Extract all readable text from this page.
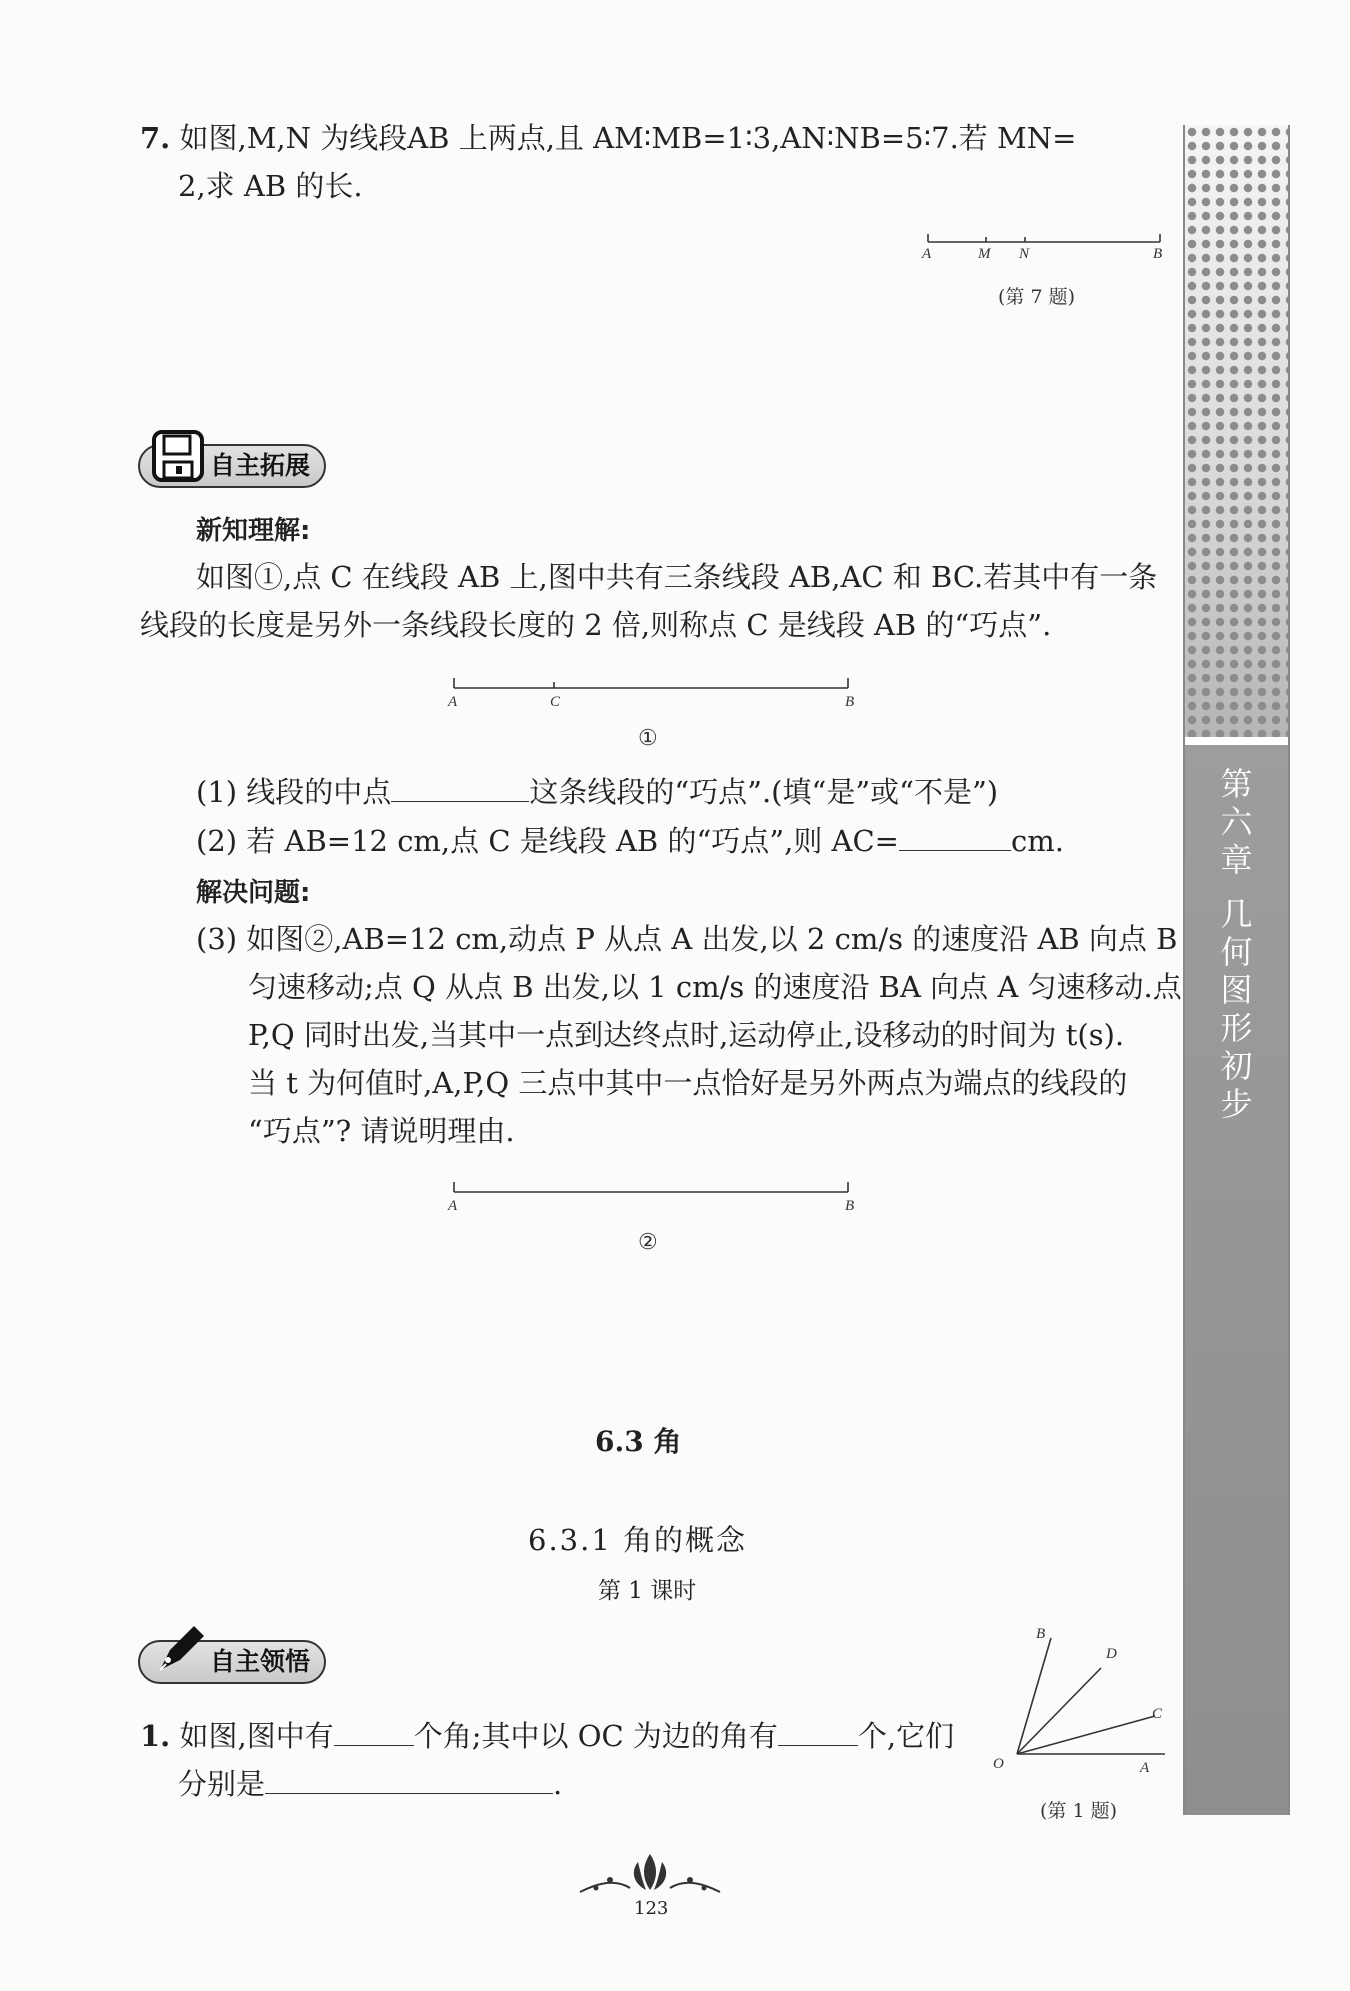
7. 如图,M,N 为线段AB 上两点,且 AM∶MB=1∶3,AN∶NB=5∶7.若 MN=
2,求 AB 的长.
A	M N	B
(第 7 题)
自主拓展
新知理解:
如图①,点 C 在线段 AB 上,图中共有三条线段 AB,AC 和 BC.若其中有一条
线段的长度是另外一条线段长度的 2 倍,则称点 C 是线段 AB 的“巧点”.
A	C	B
①
(1) 线段的中点	这条线段的“巧点”.(填“是”或“不是”)
(2) 若 AB=12 cm,点 C 是线段 AB 的“巧点”,则 AC=	cm.
解决问题:
(3) 如图②,AB=12 cm,动点 P 从点 A 出发,以 2 cm/s 的速度沿 AB 向点 B
匀速移动;点 Q 从点 B 出发,以 1 cm/s 的速度沿 BA 向点 A 匀速移动.点
P,Q 同时出发,当其中一点到达终点时,运动停止,设移动的时间为 t(s).
当 t 为何值时,A,P,Q 三点中其中一点恰好是另外两点为端点的线段的
“巧点”? 请说明理由.
A	B
②
6.3 角
6.3.1 角的概念
第 1 课时
自主领悟
1. 如图,图中有	个角;其中以 OC 为边的角有	个,它们
分别是	.
B
D
C
O	A
(第 1 题)
第
六
章
几
何
图
形
初
步
123
